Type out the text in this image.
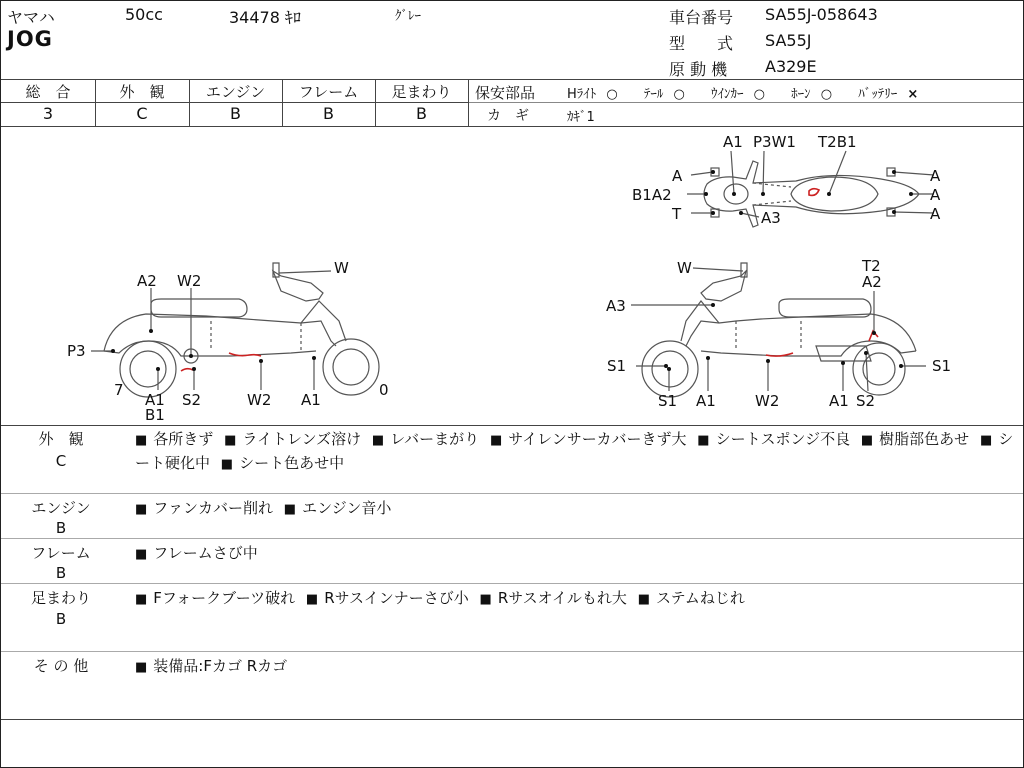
ヤマハ	50cc	34478 ｷﾛ	ｸﾞﾚｰ
JOG
車台番号 SA55J-058643
型　　式 SA55J
原 動 機 A329E
総　合
3
外　観
C
エンジン
B
フレーム
B
足まわり
B
保安部品 Hﾗｲﾄ ○ ﾃｰﾙ ○ ｳｲﾝｶｰ ○ ﾎｰﾝ ○ ﾊﾞｯﾃﾘｰ ×
カ　ギ	ｶｷﾞ1
A1 P3W1 T2B1
A
B1A2
T	A3
A
A
A
W
A2 W2
P3
7
A1
B1
S2	W2 A1
0
W	T2
A2
A3
S1	S1
S1 A1	W2	A1 S2
外　観
C
■ 各所きず ■ ライトレンズ溶け ■ レバーまがり ■ サイレンサーカバーきず大 ■ シートスポンジ不良 ■ 樹脂部色あせ ■ シート硬化中 ■ シート色あせ中
エンジン
B
■ ファンカバー削れ ■ エンジン音小
フレーム
B
■ フレームさび中
足まわり
B
■ Fフォークブーツ破れ ■ Rサスインナーさび小 ■ Rサスオイルもれ大 ■ ステムねじれ
そ の 他	■ 装備品:Fカゴ Rカゴ
